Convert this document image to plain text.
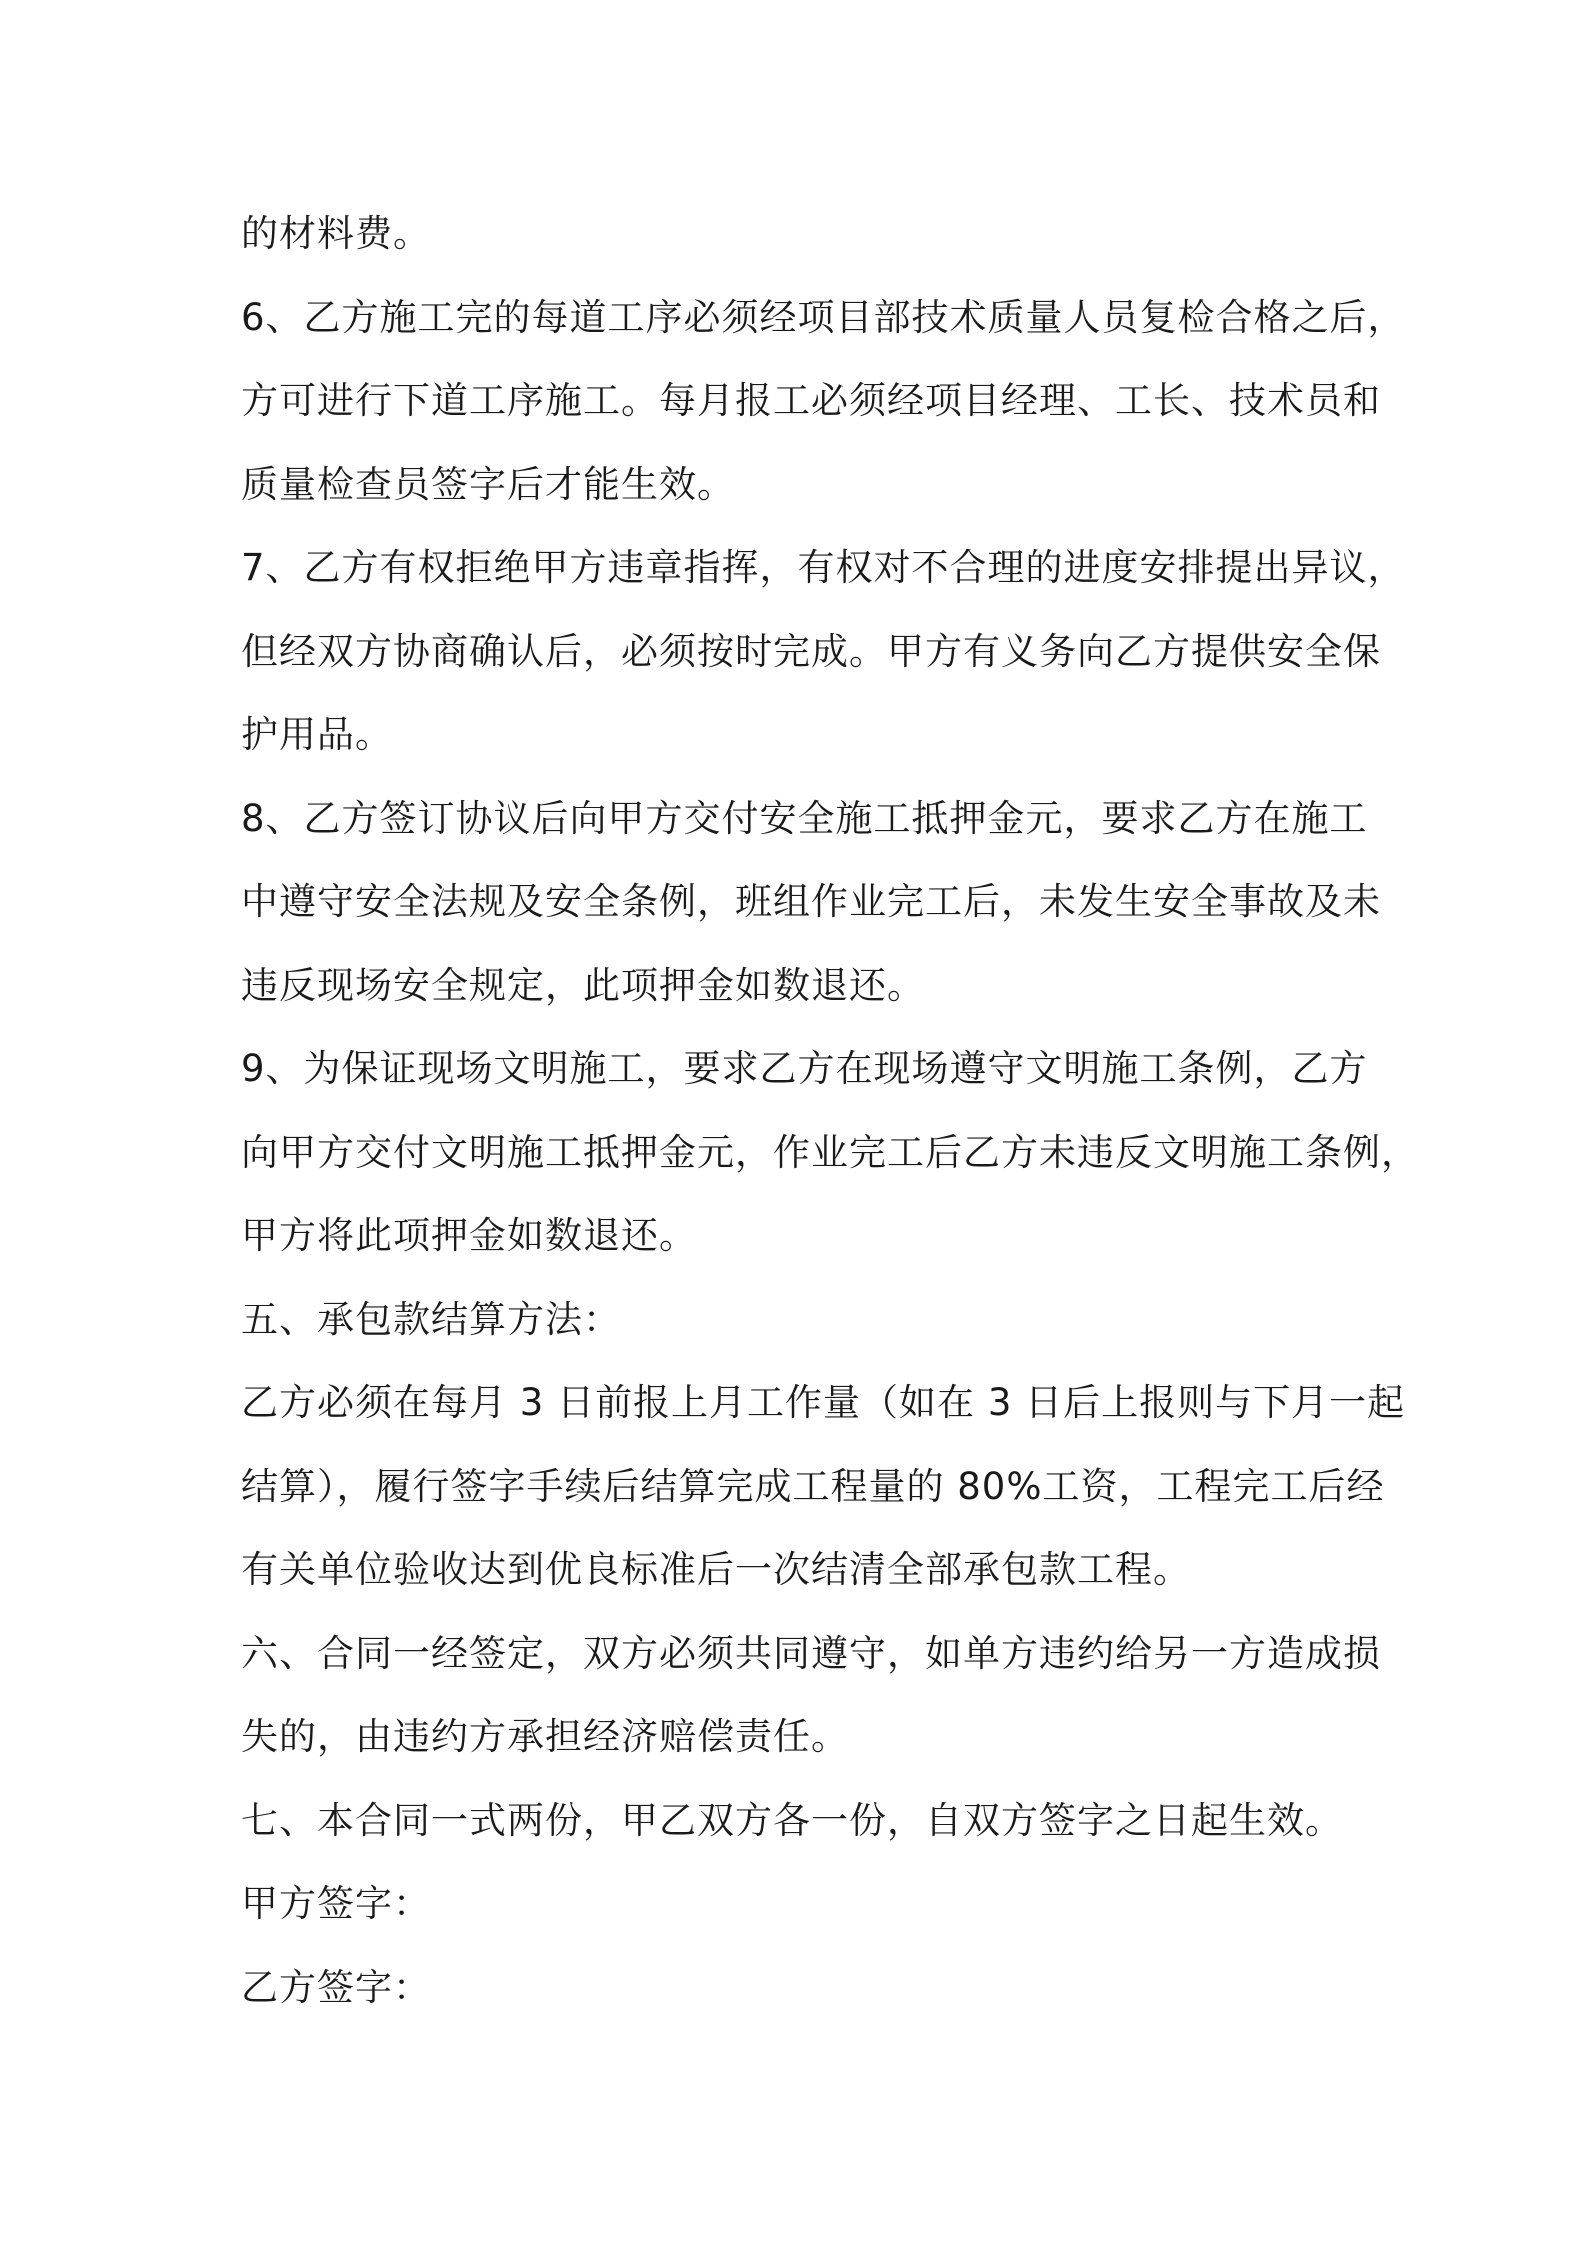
的材料费。
6、乙方施工完的每道工序必须经项目部技术质量人员复检合格之后，
方可进行下道工序施工。每月报工必须经项目经理、工长、技术员和
质量检查员签字后才能生效。
7、乙方有权拒绝甲方违章指挥，有权对不合理的进度安排提出异议，
但经双方协商确认后，必须按时完成。甲方有义务向乙方提供安全保
护用品。
8、乙方签订协议后向甲方交付安全施工抵押金元，要求乙方在施工
中遵守安全法规及安全条例，班组作业完工后，未发生安全事故及未
违反现场安全规定，此项押金如数退还。
9、为保证现场文明施工，要求乙方在现场遵守文明施工条例，乙方
向甲方交付文明施工抵押金元，作业完工后乙方未违反文明施工条例，
甲方将此项押金如数退还。
五、承包款结算方法：
乙方必须在每月 3 日前报上月工作量（如在 3 日后上报则与下月一起
结算），履行签字手续后结算完成工程量的 80%工资，工程完工后经
有关单位验收达到优良标准后一次结清全部承包款工程。
六、合同一经签定，双方必须共同遵守，如单方违约给另一方造成损
失的，由违约方承担经济赔偿责任。
七、本合同一式两份，甲乙双方各一份，自双方签字之日起生效。
甲方签字：
乙方签字：
